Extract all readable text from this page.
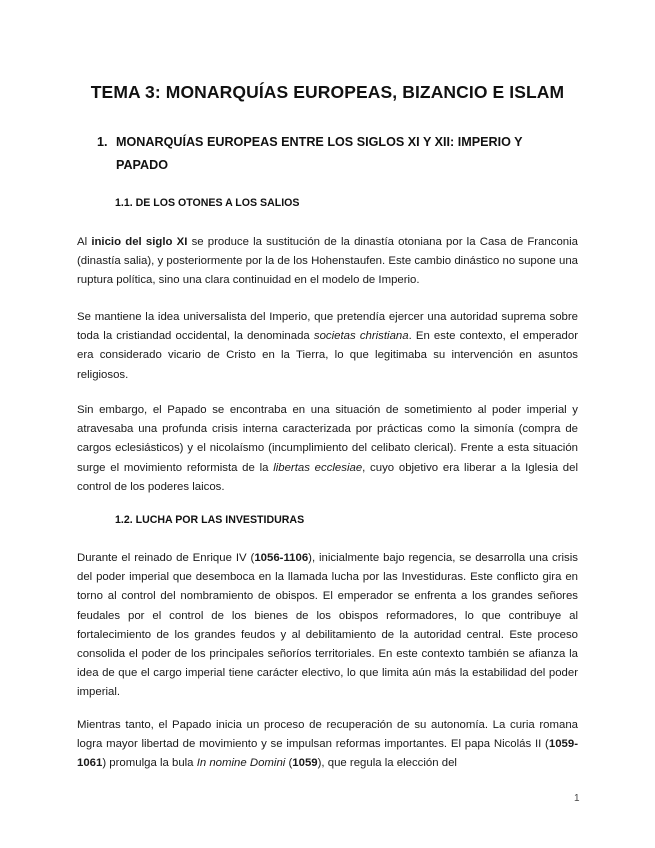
TEMA 3: MONARQUÍAS EUROPEAS, BIZANCIO E ISLAM
1. MONARQUÍAS EUROPEAS ENTRE LOS SIGLOS XI Y XII: IMPERIO Y PAPADO
1.1. DE LOS OTONES A LOS SALIOS

Al inicio del siglo XI se produce la sustitución de la dinastía otoniana por la Casa de Franconia (dinastía salia), y posteriormente por la de los Hohenstaufen. Este cambio dinástico no supone una ruptura política, sino una clara continuidad en el modelo de Imperio.

Se mantiene la idea universalista del Imperio, que pretendía ejercer una autoridad suprema sobre toda la cristiandad occidental, la denominada societas christiana. En este contexto, el emperador era considerado vicario de Cristo en la Tierra, lo que legitimaba su intervención en asuntos religiosos.

Sin embargo, el Papado se encontraba en una situación de sometimiento al poder imperial y atravesaba una profunda crisis interna caracterizada por prácticas como la simonía (compra de cargos eclesiásticos) y el nicolaísmo (incumplimiento del celibato clerical). Frente a esta situación surge el movimiento reformista de la libertas ecclesiae, cuyo objetivo era liberar a la Iglesia del control de los poderes laicos.

1.2. LUCHA POR LAS INVESTIDURAS

Durante el reinado de Enrique IV (1056-1106), inicialmente bajo regencia, se desarrolla una crisis del poder imperial que desemboca en la llamada lucha por las Investiduras. Este conflicto gira en torno al control del nombramiento de obispos. El emperador se enfrenta a los grandes señores feudales por el control de los bienes de los obispos reformadores, lo que contribuye al fortalecimiento de los grandes feudos y al debilitamiento de la autoridad central. Este proceso consolida el poder de los principales señoríos territoriales. En este contexto también se afianza la idea de que el cargo imperial tiene carácter electivo, lo que limita aún más la estabilidad del poder imperial.

Mientras tanto, el Papado inicia un proceso de recuperación de su autonomía. La curia romana logra mayor libertad de movimiento y se impulsan reformas importantes. El papa Nicolás II (1059-1061) promulga la bula In nomine Domini (1059), que regula la elección del

1
